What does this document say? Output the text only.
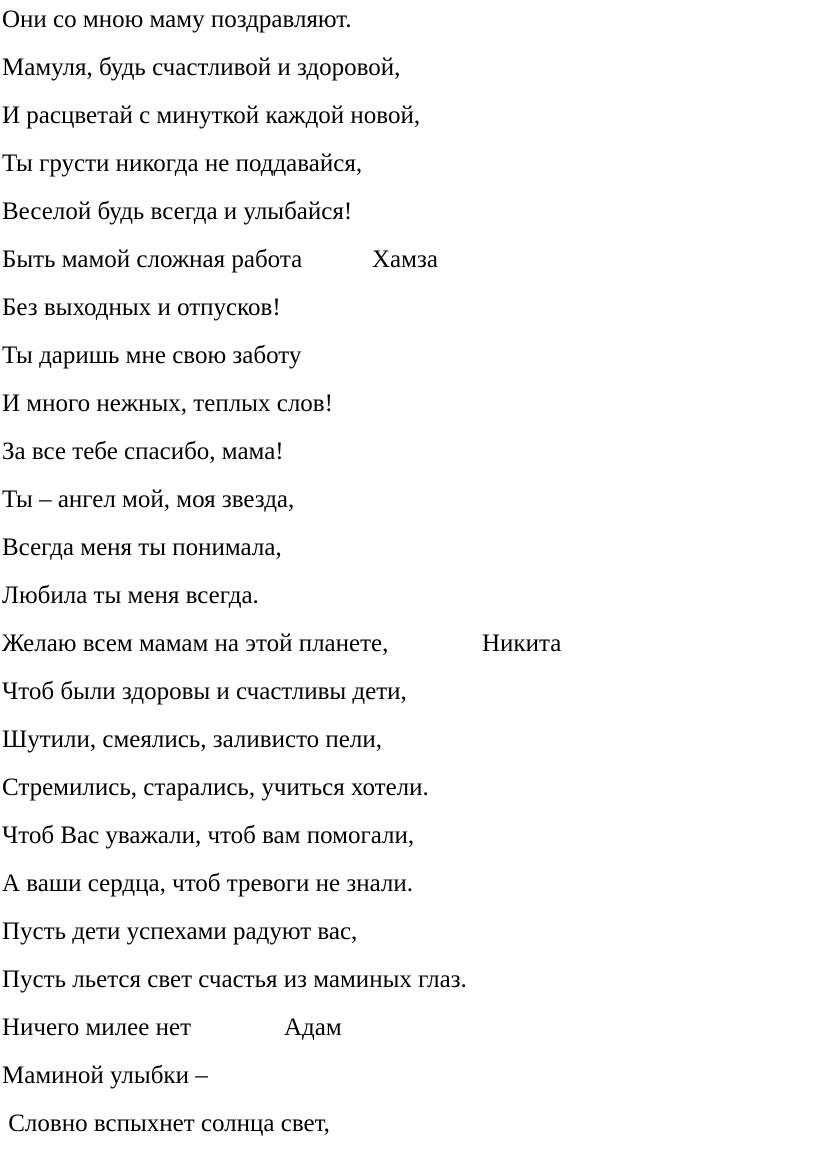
Они со мною маму поздравляют.
Мамуля, будь счастливой и здоровой,
И расцветай с минуткой каждой новой,
Ты грусти никогда не поддавайся,
Веселой будь всегда и улыбайся!
Быть мамой сложная работа	Хамза
Без выходных и отпусков!
Ты даришь мне свою заботу
И много нежных, теплых слов!
За все тебе спасибо, мама!
Ты – ангел мой, моя звезда,
Всегда меня ты понимала,
Любила ты меня всегда.
Желаю всем мамам на этой планете,	Никита
Чтоб были здоровы и счастливы дети,
Шутили, смеялись, заливисто пели,
Стремились, старались, учиться хотели.
Чтоб Вас уважали, чтоб вам помогали,
А ваши сердца, чтоб тревоги не знали.
Пусть дети успехами радуют вас,
Пусть льется свет счастья из маминых глаз.
Ничего милее нет	Адам
Маминой улыбки –
Словно вспыхнет солнца свет,
